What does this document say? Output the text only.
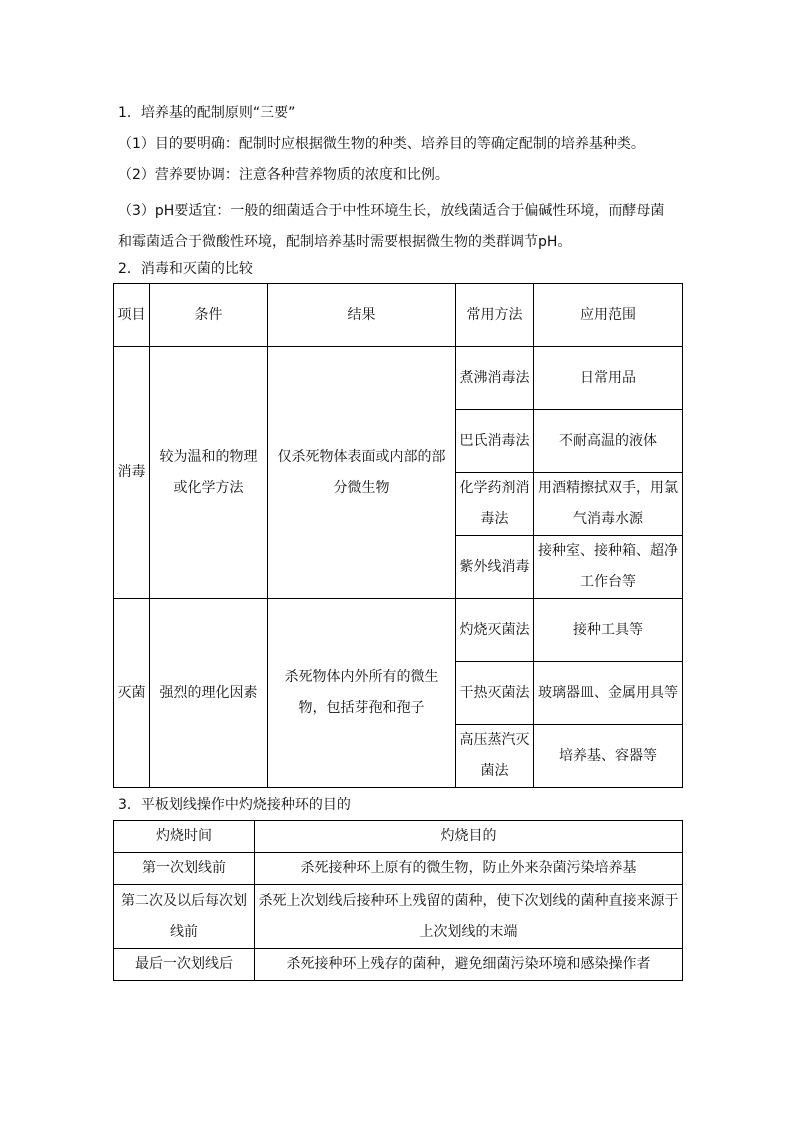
1．培养基的配制原则“三要”
（1）目的要明确：配制时应根据微生物的种类、培养目的等确定配制的培养基种类。
（2）营养要协调：注意各种营养物质的浓度和比例。
（3）pH要适宜：一般的细菌适合于中性环境生长，放线菌适合于偏碱性环境，而酵母菌和霉菌适合于微酸性环境，配制培养基时需要根据微生物的类群调节pH。
2．消毒和灭菌的比较
项目	条件	结果	常用方法	应用范围
消毒	较为温和的物理或化学方法	仅杀死物体表面或内部的部分微生物	煮沸消毒法	日常用品
			巴氏消毒法	不耐高温的液体
			化学药剂消毒法	用酒精擦拭双手，用氯气消毒水源
			紫外线消毒	接种室、接种箱、超净工作台等
灭菌	强烈的理化因素	杀死物体内外所有的微生物，包括芽孢和孢子	灼烧灭菌法	接种工具等
			干热灭菌法	玻璃器皿、金属用具等
			高压蒸汽灭菌法	培养基、容器等
3．平板划线操作中灼烧接种环的目的
灼烧时间	灼烧目的
第一次划线前	杀死接种环上原有的微生物，防止外来杂菌污染培养基
第二次及以后每次划线前	杀死上次划线后接种环上残留的菌种，使下次划线的菌种直接来源于上次划线的末端
最后一次划线后	杀死接种环上残存的菌种，避免细菌污染环境和感染操作者
